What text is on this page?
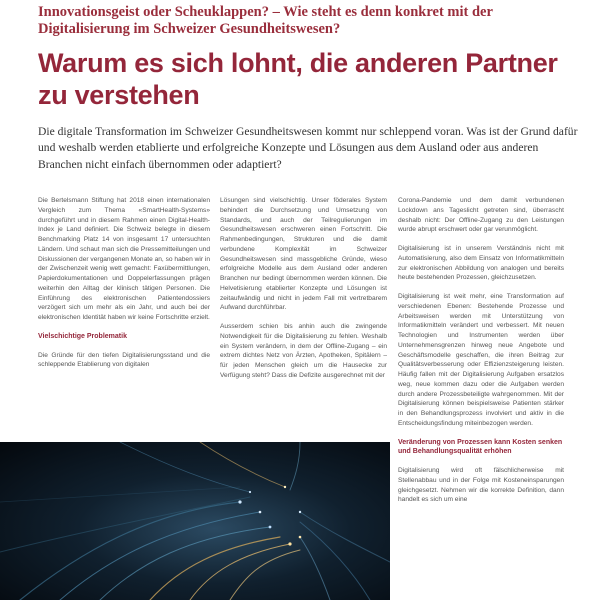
Innovationsgeist oder Scheuklappen? – Wie steht es denn konkret mit der Digitalisierung im Schweizer Gesundheitswesen?
Warum es sich lohnt, die anderen Partner zu verstehen

Die digitale Transformation im Schweizer Gesundheitswesen kommt nur schleppend voran. Was ist der Grund dafür und weshalb werden etablierte und erfolgreiche Konzepte und Lösungen aus dem Ausland oder aus anderen Branchen nicht einfach übernommen oder adaptiert?

Die Bertelsmann Stiftung hat 2018 einen internationalen Vergleich zum Thema «SmartHealth-Systems» durchgeführt und in diesem Rahmen einen Digital-Health-Index je Land definiert. Die Schweiz belegte in diesem Benchmarking Platz 14 von insgesamt 17 untersuchten Ländern. Und schaut man sich die Pressemitteilungen und Diskussionen der vergangenen Monate an, so haben wir in der Zwischenzeit wenig wett gemacht: Faxübermittlungen, Papierdokumentationen und Doppelerfassungen prägen weiterhin den Alltag der klinisch tätigen Personen. Die Einführung des elektronischen Patientendossiers verzögert sich um mehr als ein Jahr, und auch bei der elektronischen Identität haben wir keine Fortschritte erzielt.

Vielschichtige Problematik

Die Gründe für den tiefen Digitalisierungsstand und die schleppende Etablierung von digitalen

Lösungen sind vielschichtig. Unser föderales System behindert die Durchsetzung und Umsetzung von Standards, und auch der Teilregulierungen im Gesundheitswesen erschweren einen Fortschritt. Die Rahmenbedingungen, Strukturen und die damit verbundene Komplexität im Schweizer Gesundheitswesen sind massgebliche Gründe, wieso erfolgreiche Modelle aus dem Ausland oder anderen Branchen nur bedingt übernommen werden können. Die Helvetisierung etablierter Konzepte und Lösungen ist zeitaufwändig und nicht in jedem Fall mit vertretbarem Aufwand durchführbar.

Ausserdem schien bis anhin auch die zwingende Notwendigkeit für die Digitalisierung zu fehlen. Weshalb ein System verändern, in dem der Offline-Zugang – ein extrem dichtes Netz von Ärzten, Apotheken, Spitälern – für jeden Menschen gleich um die Hausecke zur Verfügung steht? Dass die Defizite ausgerechnet mit der

Corona-Pandemie und dem damit verbundenen Lockdown ans Tageslicht getreten sind, überrascht deshalb nicht: Der Offline-Zugang zu den Leistungen wurde abrupt erschwert oder gar verunmöglicht.

Digitalisierung ist in unserem Verständnis nicht mit Automatisierung, also dem Einsatz von Informatikmitteln zur elektronischen Abbildung von analogen und bereits heute bestehenden Prozessen, gleichzusetzen.

Digitalisierung ist weit mehr, eine Transformation auf verschiedenen Ebenen: Bestehende Prozesse und Arbeitsweisen werden mit Unterstützung von Informatikmitteln verändert und verbessert. Mit neuen Technologien und Instrumenten werden über Unternehmensgrenzen hinweg neue Angebote und Geschäftsmodelle geschaffen, die ihren Beitrag zur Qualitätsverbesserung oder Effizienzsteigerung leisten. Häufig fallen mit der Digitalisierung Aufgaben ersatzlos weg, neue kommen dazu oder die Aufgaben werden durch andere Prozessbeteiligte wahrgenommen. Mit der Digitalisierung können beispielsweise Patienten stärker in den Behandlungsprozess involviert und aktiv in die Entscheidungsfindung miteinbezogen werden.

Veränderung von Prozessen kann Kosten senken und Behandlungsqualität erhöhen

Digitalisierung wird oft fälschlicherweise mit Stellenabbau und in der Folge mit Kosteneinsparungen gleichgesetzt. Nehmen wir die korrekte Definition, dann handelt es sich um eine
